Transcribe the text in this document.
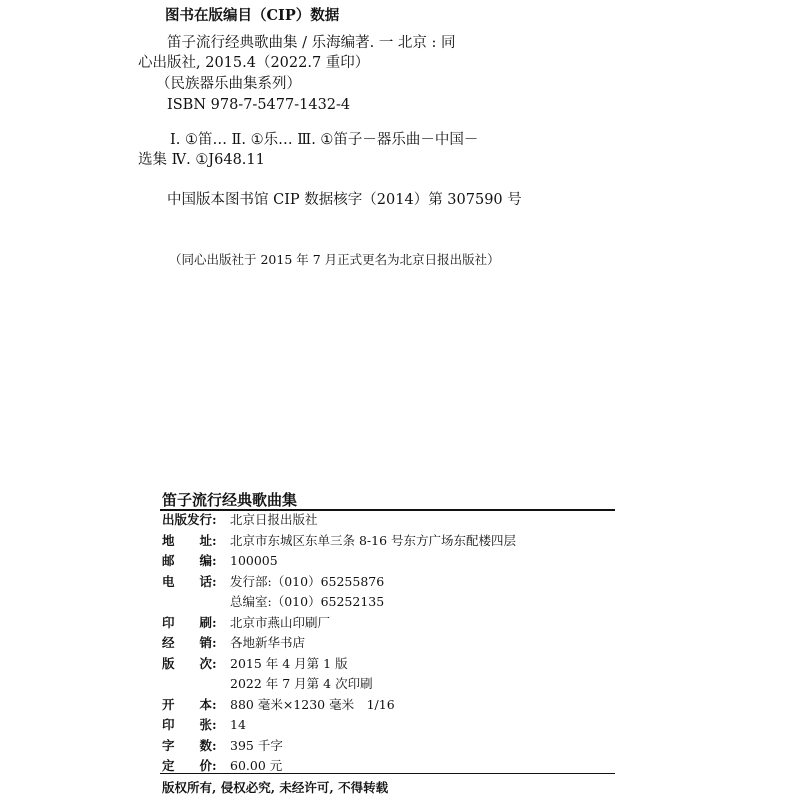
图书在版编目（CIP）数据
笛子流行经典歌曲集 / 乐海编著. 一 北京 : 同
心出版社, 2015.4（2022.7 重印）
（民族器乐曲集系列）
ISBN 978-7-5477-1432-4
Ⅰ. ①笛… Ⅱ. ①乐… Ⅲ. ①笛子－器乐曲－中国－
选集 Ⅳ. ①J648.11
中国版本图书馆 CIP 数据核字（2014）第 307590 号
（同心出版社于 2015 年 7 月正式更名为北京日报出版社）
笛子流行经典歌曲集
出版发行: 北京日报出版社
地　　址: 北京市东城区东单三条 8-16 号东方广场东配楼四层
邮　　编: 100005
电　　话: 发行部:（010）65255876
总编室:（010）65252135
印　　刷: 北京市燕山印刷厂
经　　销: 各地新华书店
版　　次: 2015 年 4 月第 1 版
2022 年 7 月第 4 次印刷
开　　本: 880 毫米×1230 毫米　1/16
印　　张: 14
字　　数: 395 千字
定　　价: 60.00 元
版权所有, 侵权必究, 未经许可, 不得转载
